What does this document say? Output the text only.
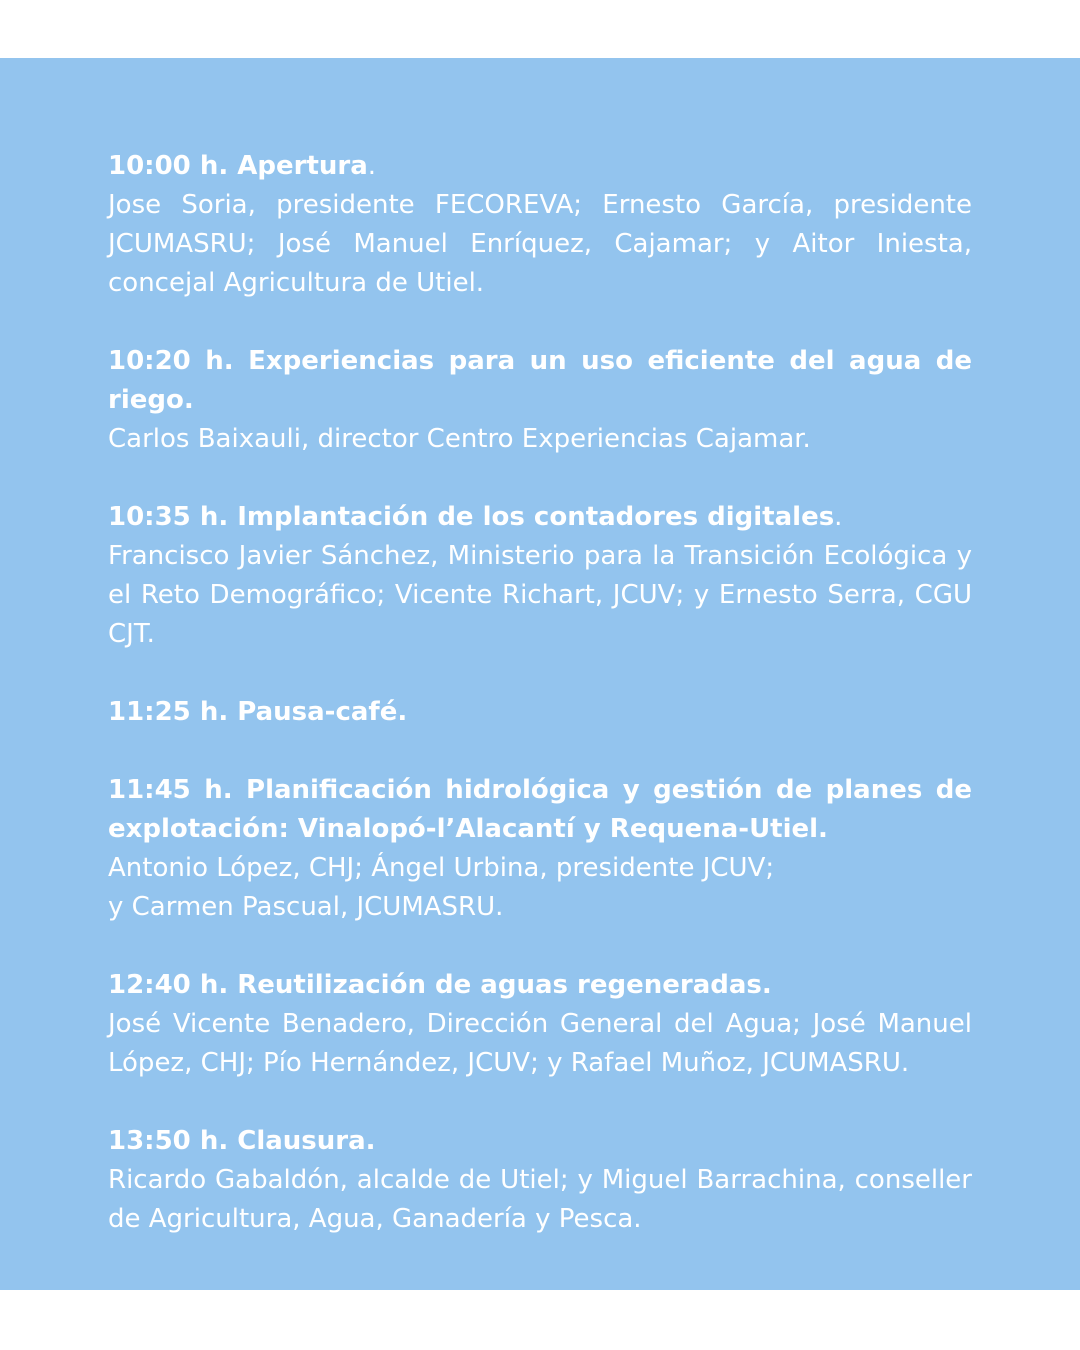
10:00 h. Apertura.
Jose Soria, presidente FECOREVA; Ernesto García, presidente JCUMASRU; José Manuel Enríquez, Cajamar; y Aitor Iniesta, concejal Agricultura de Utiel.
10:20 h. Experiencias para un uso eficiente del agua de riego.
Carlos Baixauli, director Centro Experiencias Cajamar.
10:35 h. Implantación de los contadores digitales.
Francisco Javier Sánchez, Ministerio para la Transición Ecológica y el Reto Demográfico; Vicente Richart, JCUV; y Ernesto Serra, CGU CJT.
11:25 h. Pausa-café.
11:45 h. Planificación hidrológica y gestión de planes de explotación: Vinalopó-l’Alacantí y Requena-Utiel.
Antonio López, CHJ; Ángel Urbina, presidente JCUV;
y Carmen Pascual, JCUMASRU.
12:40 h. Reutilización de aguas regeneradas.
José Vicente Benadero, Dirección General del Agua; José Manuel López, CHJ; Pío Hernández, JCUV; y Rafael Muñoz, JCUMASRU.
13:50 h. Clausura.
Ricardo Gabaldón, alcalde de Utiel; y Miguel Barrachina, conseller de Agricultura, Agua, Ganadería y Pesca.
